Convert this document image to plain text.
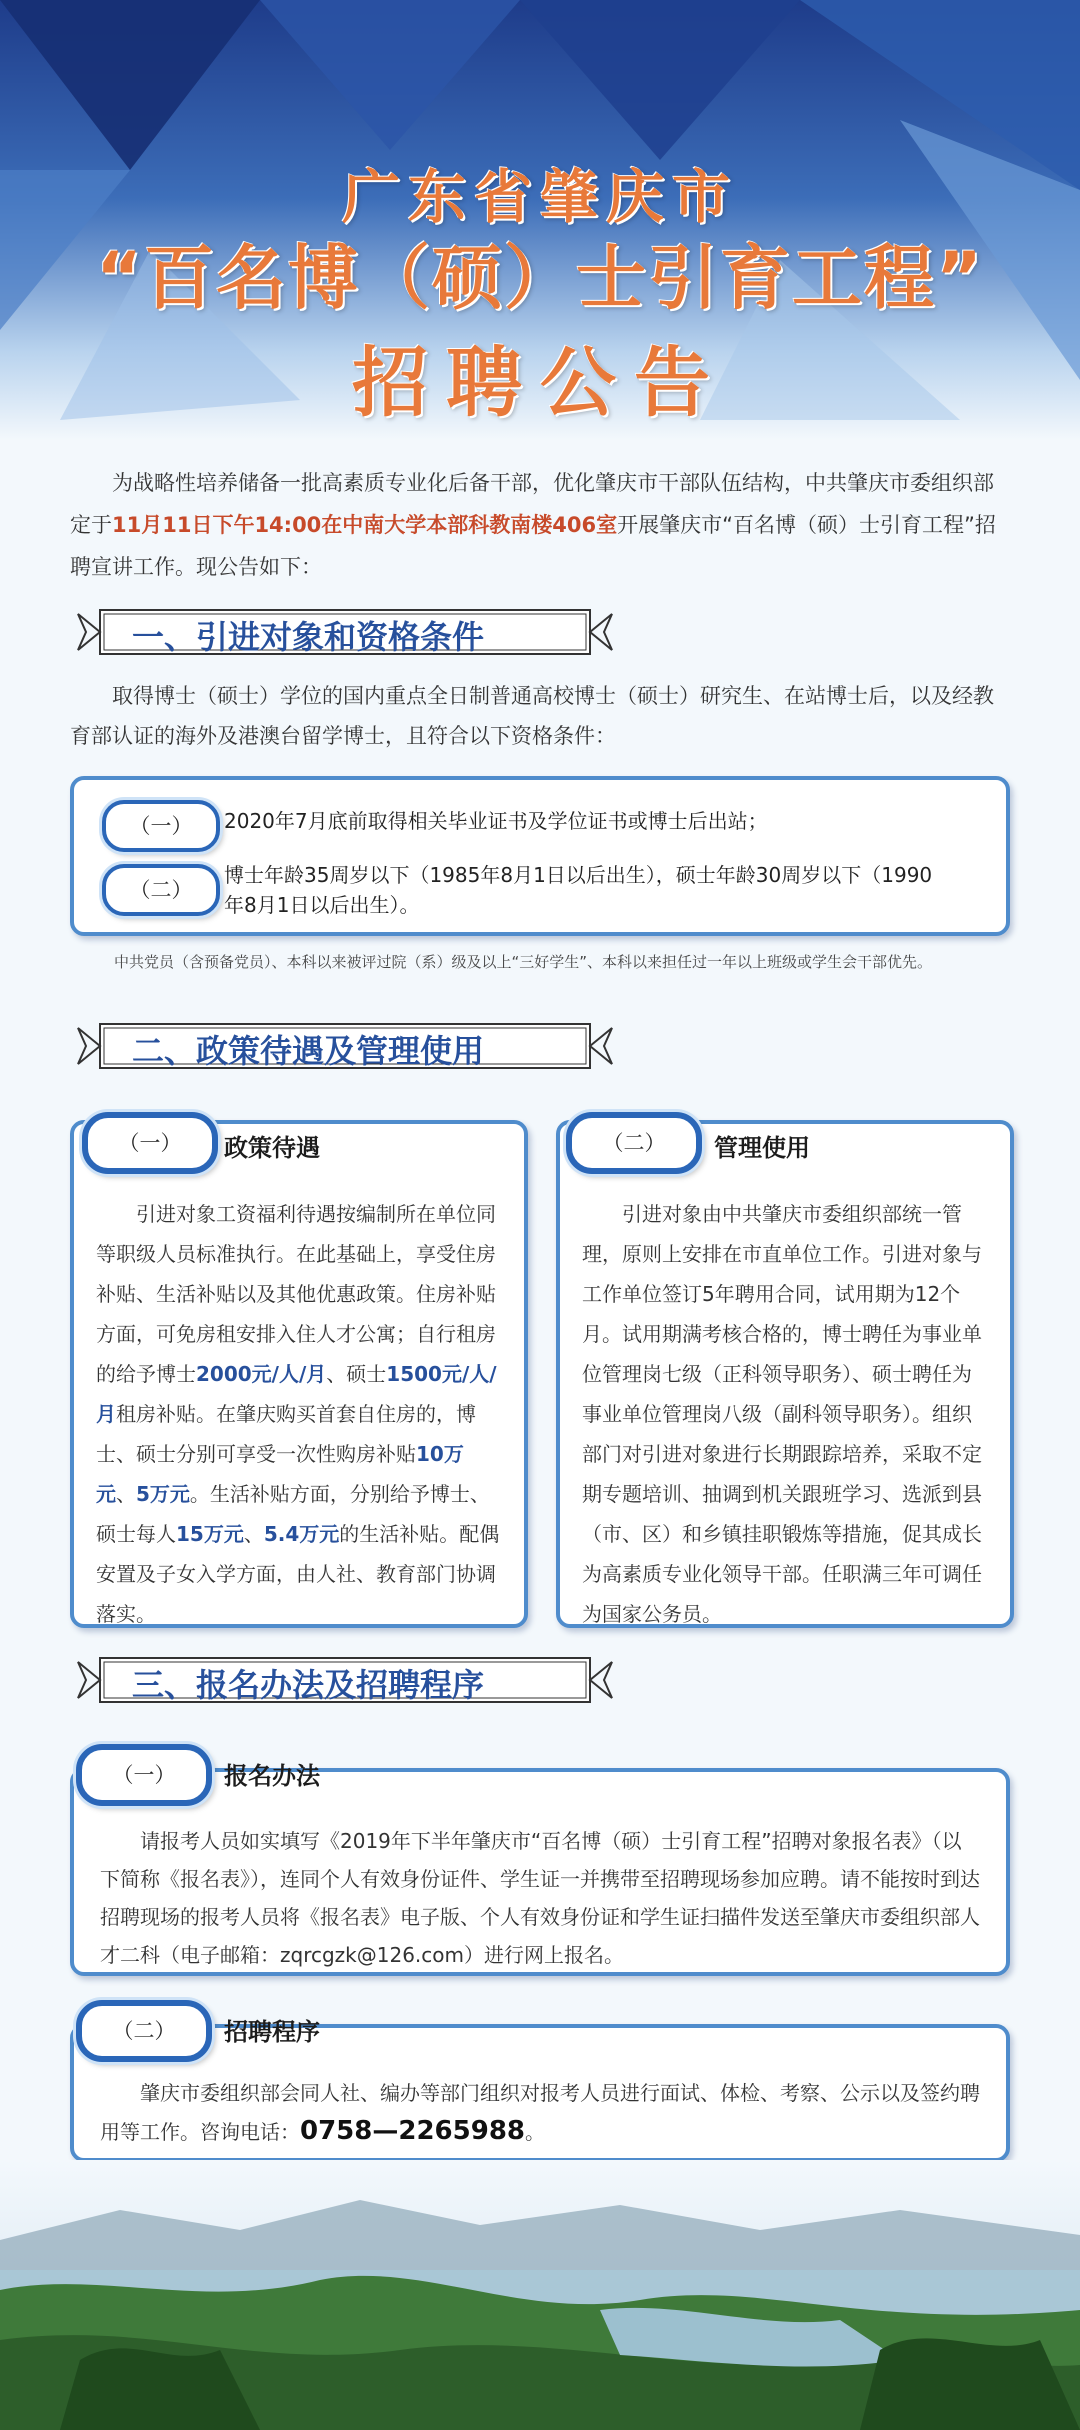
广东省肇庆市
“百名博（硕）士引育工程”
招聘公告
为战略性培养储备一批高素质专业化后备干部，优化肇庆市干部队伍结构，中共肇庆市委组织部定于11月11日下午14:00在中南大学本部科教南楼406室开展肇庆市“百名博（硕）士引育工程”招聘宣讲工作。现公告如下：
一、引进对象和资格条件
取得博士（硕士）学位的国内重点全日制普通高校博士（硕士）研究生、在站博士后，以及经教育部认证的海外及港澳台留学博士，且符合以下资格条件：
（一）	2020年7月底前取得相关毕业证书及学位证书或博士后出站；
（二）
博士年龄35周岁以下（1985年8月1日以后出生），硕士年龄30周岁以下（1990年8月1日以后出生）。
中共党员（含预备党员）、本科以来被评过院（系）级及以上“三好学生”、本科以来担任过一年以上班级或学生会干部优先。
二、政策待遇及管理使用
引进对象工资福利待遇按编制所在单位同等职级人员标准执行。在此基础上，享受住房补贴、生活补贴以及其他优惠政策。住房补贴方面，可免房租安排入住人才公寓；自行租房的给予博士2000元/人/月、硕士1500元/人/月租房补贴。在肇庆购买首套自住房的，博士、硕士分别可享受一次性购房补贴10万元、5万元。生活补贴方面，分别给予博士、硕士每人15万元、5.4万元的生活补贴。配偶安置及子女入学方面，由人社、教育部门协调落实。
（一）	政策待遇
引进对象由中共肇庆市委组织部统一管理，原则上安排在市直单位工作。引进对象与工作单位签订5年聘用合同，试用期为12个月。试用期满考核合格的，博士聘任为事业单位管理岗七级（正科领导职务）、硕士聘任为事业单位管理岗八级（副科领导职务）。组织部门对引进对象进行长期跟踪培养，采取不定期专题培训、抽调到机关跟班学习、选派到县（市、区）和乡镇挂职锻炼等措施，促其成长为高素质专业化领导干部。任职满三年可调任为国家公务员。
（二）	管理使用
三、报名办法及招聘程序
请报考人员如实填写《2019年下半年肇庆市“百名博（硕）士引育工程”招聘对象报名表》（以下简称《报名表》），连同个人有效身份证件、学生证一并携带至招聘现场参加应聘。请不能按时到达招聘现场的报考人员将《报名表》电子版、个人有效身份证和学生证扫描件发送至肇庆市委组织部人才二科（电子邮箱：zqrcgzk@126.com）进行网上报名。
（一）	报名办法
肇庆市委组织部会同人社、编办等部门组织对报考人员进行面试、体检、考察、公示以及签约聘用等工作。咨询电话：0758—2265988。
（二）	招聘程序
